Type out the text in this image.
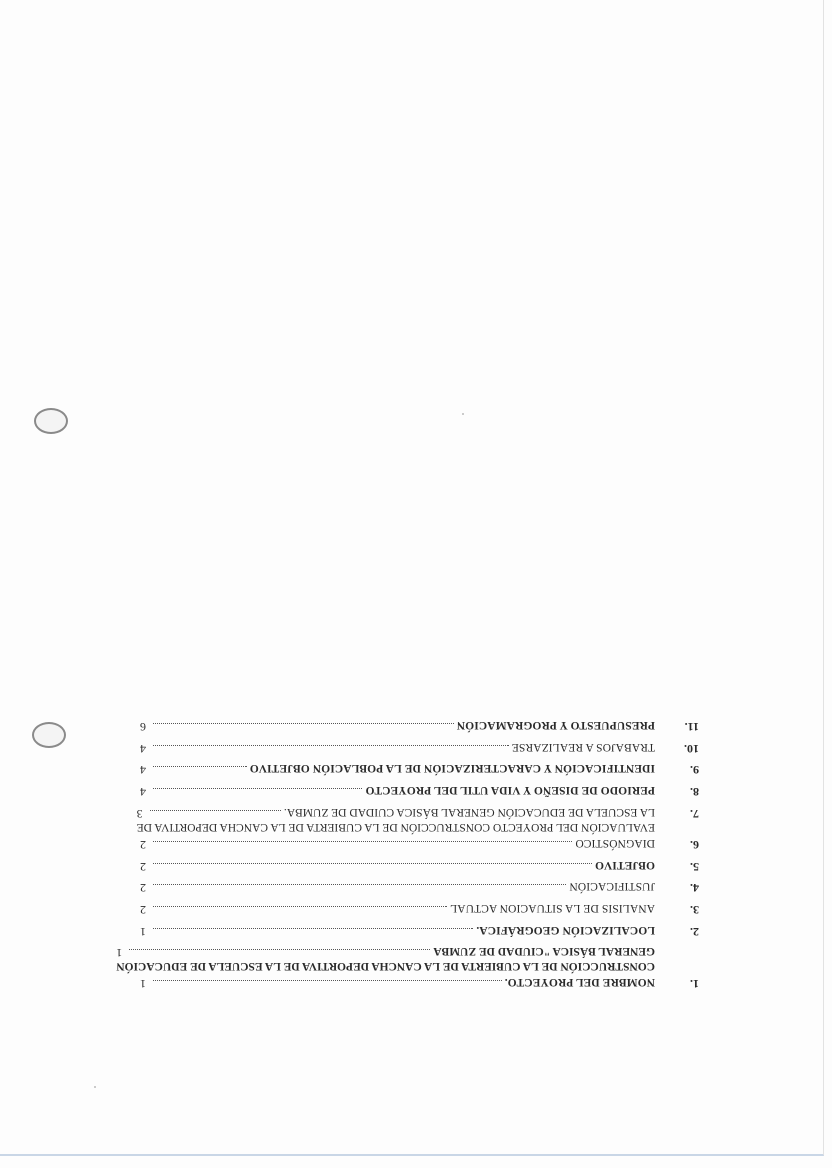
1.
NOMBRE DEL PROYECTO.
1
CONSTRUCCIÓN DE LA CUBIERTA DE LA CANCHA DEPORTIVA DE LA ESCUELA DE EDUCACIÓN
GENERAL BÁSICA "CIUDAD DE ZUMBA
1
2.
LOCALIZACIÓN GEOGRÁFICA.
1
3.
ANALISIS DE LA SITUACION ACTUAL
2
4.
JUSTIFICACIÓN
2
5.
OBJETIVO
2
6.
DIAGNÓSTICO
2
7.
EVALUACIÓN DEL PROYECTO CONSTRUCCIÓN DE LA CUBIERTA DE LA CANCHA DEPORTIVA DE
LA ESCUELA DE EDUCACIÓN GENERAL BÁSICA CUIDAD DE ZUMBA.
3
8.
PERIODO DE DISEÑO Y VIDA UTIL DEL PROYECTO
4
9.
IDENTIFICACIÓN Y CARACTERIZACIÓN DE LA POBLACIÓN OBJETIVO
4
10.
TRABAJOS A REALIZARSE
4
11.
PRESUPUESTO Y PROGRAMACIÓN
6
